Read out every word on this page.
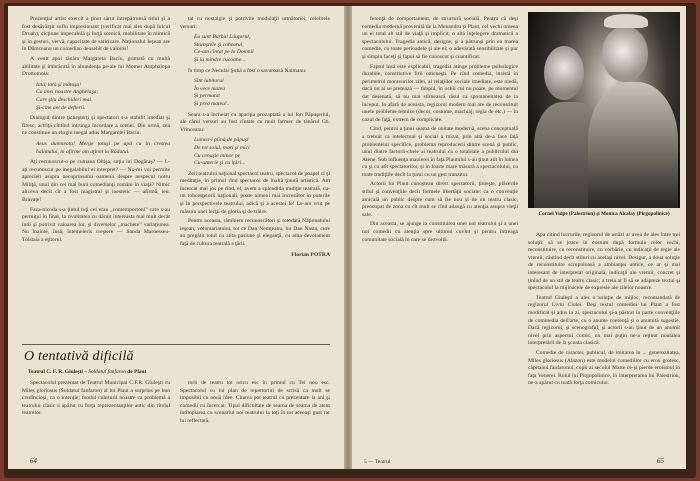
Prezenţial artist exercit a ţinut sărut întrepătrunsă titlul şi a fost desăvârşit suflu impresionant (verificat mai ales după Iulcul Druah), dicţiune impecabilă şi forţă scenică, mobilitate în mimică şi în gesturi, vervă, capacitate de satirizare. Naţionalul Ieşean are în Dâmceanu un comedian deosebit de valoros!

A venit apoi tânăra Margareta Baciu, grimată cu multă abilitate şi imbrăcată în abundenţa pe-ale lui Momer Amphalopa Drottomoia:

Iată, iată şi mătuşa!
Cu anei noastre Anghelaşa;
Care ştiu deschideri mai.
Şi-cine aei de defterii.

Dialogul dintre ţicneşterţi şi spectatori s-a stabilit imediat şi firesc, actriţa cîntînd intrunga încordare a scenei. Din urmă, cea ce constituie un elogiu inegal adus Margaretei Baciu.

Aeus dumneata! Merge totuşi pe apă cu în crestea halimului, in afirme am aţinnt la Rădatul.

Aţi recunoscut-o pe cumana Oltişa, soţia lui Dogăraş? — L-aţi recunoscut pe inegalabilul ei interpret? — Nu-mi voi permite aprecieri asupra necuprinsului oamenii despre nespecul notru Miliţă, unul din cei mai buni comedianţi români în viaţă? Nimic altceva decît cît a fost magistral şi inestetic — afirmă, ieu. Bravaţe!

Faza-nicoda s-a ţintul toţi cei erau „contemportoni” care s-au permiţui în final, la rivalitatea cu dăruit intereasta mai mult decât întîi şi potrivit valoarea lor, şi diverselor „machete” variaţiunea. Nu înainte, însă, întemeieris creştere — Sanda Maroesseu-Tolstaia a eţitorul.

tat cu nostalgie şi potrivite modulaţii următoriei, celebrele versuri:

Eu sunt Barbul Lăuţarul,
Staroştele şi cobzarul,
Ce-am cîntat pe la Domnii
Şi la mindre cucoane...

în timp ce Neculai Şuhă a fost o savuroasă Naimanu:

Sînt iubitorul
În vece mateu
Şi permutat
Şi prea mateu!..

Seara s-a încheiat cu apariţia prozaptată a lui Ion Păpuşeriul, ale cărui versuri au fost cîntate cu mult farmec de tânărul Gh. Vrînceanu:

Lumea-i plină de păpuşi
De tot soiul, mari şi mici
Cu cenuşie minor pe
Cu-anterie şi cu iţări...

Zeii teatrului naţional spectacol teatru, spectacol de poapel ci şi meditaţie, în primul rînd spectacol de înaltă ţinută artistică. Am încercat mai jos pe rînd, el, avem a splendida tradiţie teatrală, cu-un robcesţetorii naţionali, poate nimeni mai încrezător în puterile şi în perspectivele teatrului, adică şi a acestei fe! Le-am vrut pe măsura unei lecţii de gloria şi de trăire.

Pentru aceasta, rămînem recunoscători şi totodată Naţionalului ieşean, voluntariatului, tot ce Dan Nemţeanu, lui Dan Nasta, cure au pregătit totul cu atîta pasiune şi eleganţă, cu atita devotament faţă de cultura teatrală a ţării.

Florian POTRA
O tentativă dificilă
Teatrul C. F. R. Giuleşti – Soldatul fanfaron de Plaut

Spectacolul prezentat de Teatrul Municipal C.F.R. Giuleşti cu Miles gloriosus (Soldatul fanfaron) al lui Plaut a surprins pe bun credincioşi, ca o intenţie; modul culesurii noastre ca problemă a teatrului clasic a apărut cu forţa reprezentanţilor antic din rîndul teatrelor.

torii de teatru tot oricu esc în primul cu Tei nou esc. Spectacolul cu lui plan de repertoriul de scrisă ca mult se imposibil cu nouă idee. Cineva pot teatrul cu prezentare la ani şi comedii cu încercat. Tipul dificultate de seama de seama de atent întîmplarea cu scenariul noi teatrului la toţi în tot aceeaşi gust rar lui reflectată.

64

ferenţă de comportament, de structură socială. Pentru că deşi comedia modernă provenită de la Menandru şi Plaut, cel vechi omeea un ei total alt stil de viaţă şi implicit, o altă înţelegere dramatică a spectacolului. Tragedia antică, designe, şi a pătrunşi prin ea marea comedie, cu toate perioadele şi ale ei; o adevărată sensibilitate şi pur şi simplu faceţi şi fapul să fie cunoscut şi cuantificat.

Faptul însă este explicabil, tragedia atinge probleme psihologice durabile, constitutive firii omeneşti. Pe cînd comedia, insistă în perimetrul moravurilor zilei, al relaţiilor sociale imediate, este oiedă, dacă nu al se pretează — timpul, în ochii cui nu poate, pe momentul dat desenată, să nu mai stîrnească râsul ca spontaneitatea de la început. In afară de aceasta, regizorul modern mai are de reconstituit unele probleme tehnice (decor, costume, machiaj, regia de etc.) — în cazul de faţă, extrem de complicate.

Cînd, pentru a ţinui seama de unitate modernă, scena conceptuală a trebuit ca intelectual şi social a mizat, prin altă de-a face faţă problemelor specifice, problema reproducerii dintre scenă şi public, unul dintre factorii-cheie ai teatrului ca o totalitate a publicului din Atene. Sub influenţa manierei în faţa Plautului s-au ţinut atît în lumea cu şi cu atît spectatorilor, şi în foarte mare măsură a spectacolului, cu toate tradiţiile decît la ţurui cu un gest tranzitor.

Actorii lui Plaut cunoşteau direct spectatorii, ţinteşte, plăcerile stilul şi convenţiile decît formele libertăţii sociale: ca o convenţie amicală un public despre cum să fie nou şi de un teatru clasic, preocupat de zona cu cît mult se cînd adaugă cu atenţia asupra vieţii sale.

Din aceasta, se ajunge la constituirea unei noi teatrului şi a unei noi comedii cu atenţia spre ultimul cuvînt şi pentru întreaga comunitate socială în care se dezvoltă.

Cornel Vulpe (Palestrion) şi Monica Alcalay (Pirgopolinice)

Apa citind lucrurile, regizorul de astăzi ar avea de ales între trei soluţii: să se joace în costum după formula celor vechi, reconstituire, cu reconstituire, cu vorbărie, cu indicaţii de regie ale vremii, căutînd decît stiluri cu acelaşi nivel. Desigur, a doua soluţie de reconstituire scrupuloasă a ambianţei antice, ce ar şi mai interesant de interpretat originală, indicaţii ale vremii, concret şi ţinînd de un stil de teatru clasic; a treia ar fi să se adapteze textul şi spectacolul la mijloacele de expresie ale zilelor noastre.

Teatrul Giuleşti a ales o soluţie de mijloc, recomandată de regizorul Liviu Ciulei. Deşi textul comediei lui Plaut a fost modificat şi adus la zi, spectacolul şi-a păstrat în parte convenţiile de commedia dell'arte, cu o anume coerenţă şi o anumită sugestie. Dacă regizorul, şi scenograful, şi actorii s-au ţinut de un anumit nivel prin aspectul comic, nu mai puţin ne-a reţinut noutatea interpretării de la şcoala clasică.

Comedie de caracter, publicul, de imitarea în ... generozitatea, Miles gloriosus (Alazon) este modelul comediilor cu erou grotesc, căpitanul fanfaronul, copii ai secolul Marte ce-şi pierde eroismul în faţa Venerei. Rolul lui Pirgopolinice, în interpretarea lui Palestrion, ne-a apărut cu toată forţa comicului.

5 — Teatrul	65
